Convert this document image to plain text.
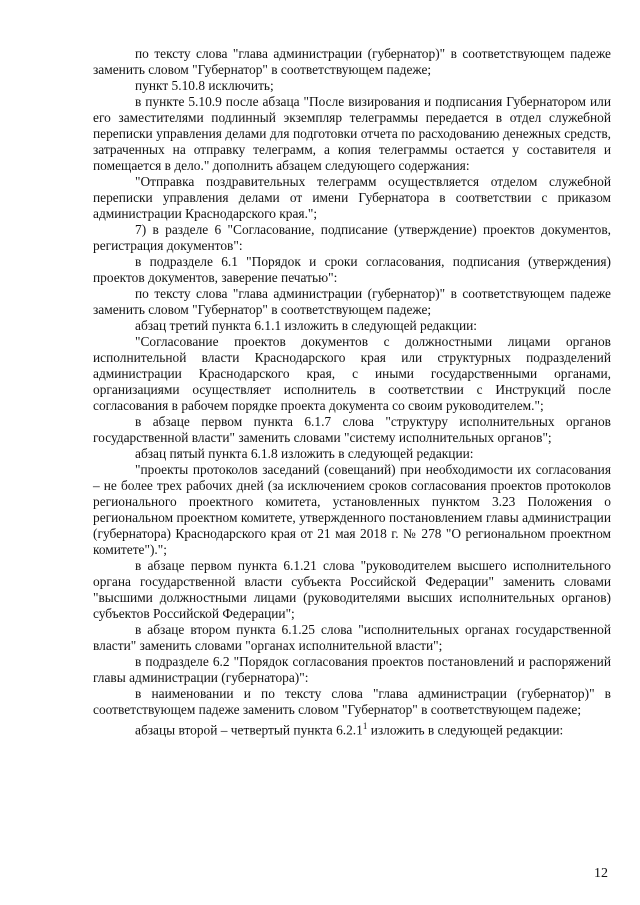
по тексту слова "глава администрации (губернатор)" в соответствующем падеже заменить словом "Губернатор" в соответствующем падеже;

пункт 5.10.8 исключить;

в пункте 5.10.9 после абзаца "После визирования и подписания Губернатором или его заместителями подлинный экземпляр телеграммы передается в отдел служебной переписки управления делами для подготовки отчета по расходованию денежных средств, затраченных на отправку телеграмм, а копия телеграммы остается у составителя и помещается в дело." дополнить абзацем следующего содержания:

"Отправка поздравительных телеграмм осуществляется отделом служебной переписки управления делами от имени Губернатора в соответствии с приказом администрации Краснодарского края.";

7) в разделе 6 "Согласование, подписание (утверждение) проектов документов, регистрация документов":

в подразделе 6.1 "Порядок и сроки согласования, подписания (утверждения) проектов документов, заверение печатью":

по тексту слова "глава администрации (губернатор)" в соответствующем падеже заменить словом "Губернатор" в соответствующем падеже;

абзац третий пункта 6.1.1 изложить в следующей редакции:

"Согласование проектов документов с должностными лицами органов исполнительной власти Краснодарского края или структурных подразделений администрации Краснодарского края, с иными государственными органами, организациями осуществляет исполнитель в соответствии с Инструкций после согласования в рабочем порядке проекта документа со своим руководителем.";

в абзаце первом пункта 6.1.7 слова "структуру исполнительных органов государственной власти" заменить словами "систему исполнительных органов";

абзац пятый пункта 6.1.8 изложить в следующей редакции:

"проекты протоколов заседаний (совещаний) при необходимости их согласования – не более трех рабочих дней (за исключением сроков согласования проектов протоколов регионального проектного комитета, установленных пунктом 3.23 Положения о региональном проектном комитете, утвержденного постановлением главы администрации (губернатора) Краснодарского края от 21 мая 2018 г. № 278 "О региональном проектном комитете").";

в абзаце первом пункта 6.1.21 слова "руководителем высшего исполнительного органа государственной власти субъекта Российской Федерации" заменить словами "высшими должностными лицами (руководителями высших исполнительных органов) субъектов Российской Федерации";

в абзаце втором пункта 6.1.25 слова "исполнительных органах государственной власти" заменить словами "органах исполнительной власти";

в подразделе 6.2 "Порядок согласования проектов постановлений и распоряжений главы администрации (губернатора)":

в наименовании и по тексту слова "глава администрации (губернатор)" в соответствующем падеже заменить словом "Губернатор" в соответствующем падеже;

абзацы второй – четвертый пункта 6.2.1$^1$ изложить в следующей редакции:

12
